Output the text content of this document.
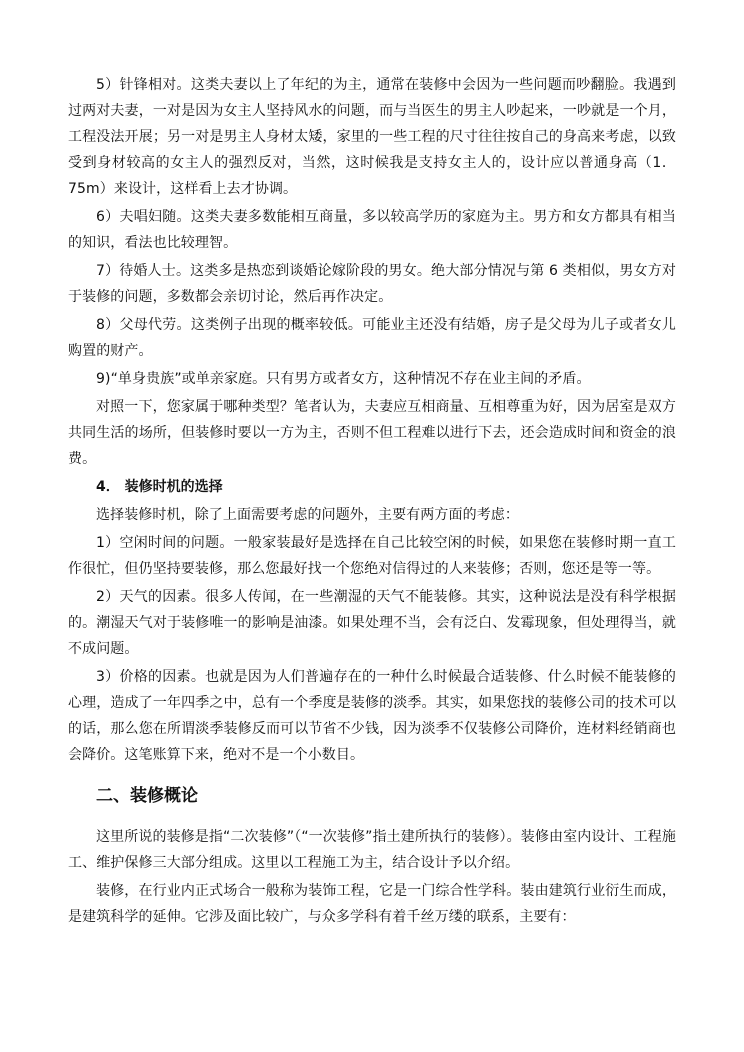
5）针锋相对。这类夫妻以上了年纪的为主，通常在装修中会因为一些问题而吵翻脸。我遇到过两对夫妻，一对是因为女主人坚持风水的问题，而与当医生的男主人吵起来，一吵就是一个月，工程没法开展；另一对是男主人身材太矮，家里的一些工程的尺寸往往按自己的身高来考虑，以致受到身材较高的女主人的强烈反对，当然，这时候我是支持女主人的，设计应以普通身高（1．75m）来设计，这样看上去才协调。

6）夫唱妇随。这类夫妻多数能相互商量，多以较高学历的家庭为主。男方和女方都具有相当的知识，看法也比较理智。

7）待婚人士。这类多是热恋到谈婚论嫁阶段的男女。绝大部分情况与第 6 类相似，男女方对于装修的问题，多数都会亲切讨论，然后再作决定。

8）父母代劳。这类例子出现的概率较低。可能业主还没有结婚，房子是父母为儿子或者女儿购置的财产。

9)“单身贵族”或单亲家庭。只有男方或者女方，这种情况不存在业主间的矛盾。

对照一下，您家属于哪种类型？笔者认为，夫妻应互相商量、互相尊重为好，因为居室是双方共同生活的场所，但装修时要以一方为主，否则不但工程难以进行下去，还会造成时间和资金的浪费。

4． 装修时机的选择

选择装修时机，除了上面需要考虑的问题外，主要有两方面的考虑：

1）空闲时间的问题。一般家装最好是选择在自己比较空闲的时候，如果您在装修时期一直工作很忙，但仍坚持要装修，那么您最好找一个您绝对信得过的人来装修；否则，您还是等一等。

2）天气的因素。很多人传闻，在一些潮湿的天气不能装修。其实，这种说法是没有科学根据的。潮湿天气对于装修唯一的影响是油漆。如果处理不当，会有泛白、发霉现象，但处理得当，就不成问题。

3）价格的因素。也就是因为人们普遍存在的一种什么时候最合适装修、什么时候不能装修的心理，造成了一年四季之中，总有一个季度是装修的淡季。其实，如果您找的装修公司的技术可以的话，那么您在所谓淡季装修反而可以节省不少钱，因为淡季不仅装修公司降价，连材料经销商也会降价。这笔账算下来，绝对不是一个小数目。

二、装修概论

这里所说的装修是指“二次装修”（“一次装修”指土建所执行的装修）。装修由室内设计、工程施工、维护保修三大部分组成。这里以工程施工为主，结合设计予以介绍。

装修，在行业内正式场合一般称为装饰工程，它是一门综合性学科。装由建筑行业衍生而成，是建筑科学的延伸。它涉及面比较广，与众多学科有着千丝万缕的联系，主要有：
